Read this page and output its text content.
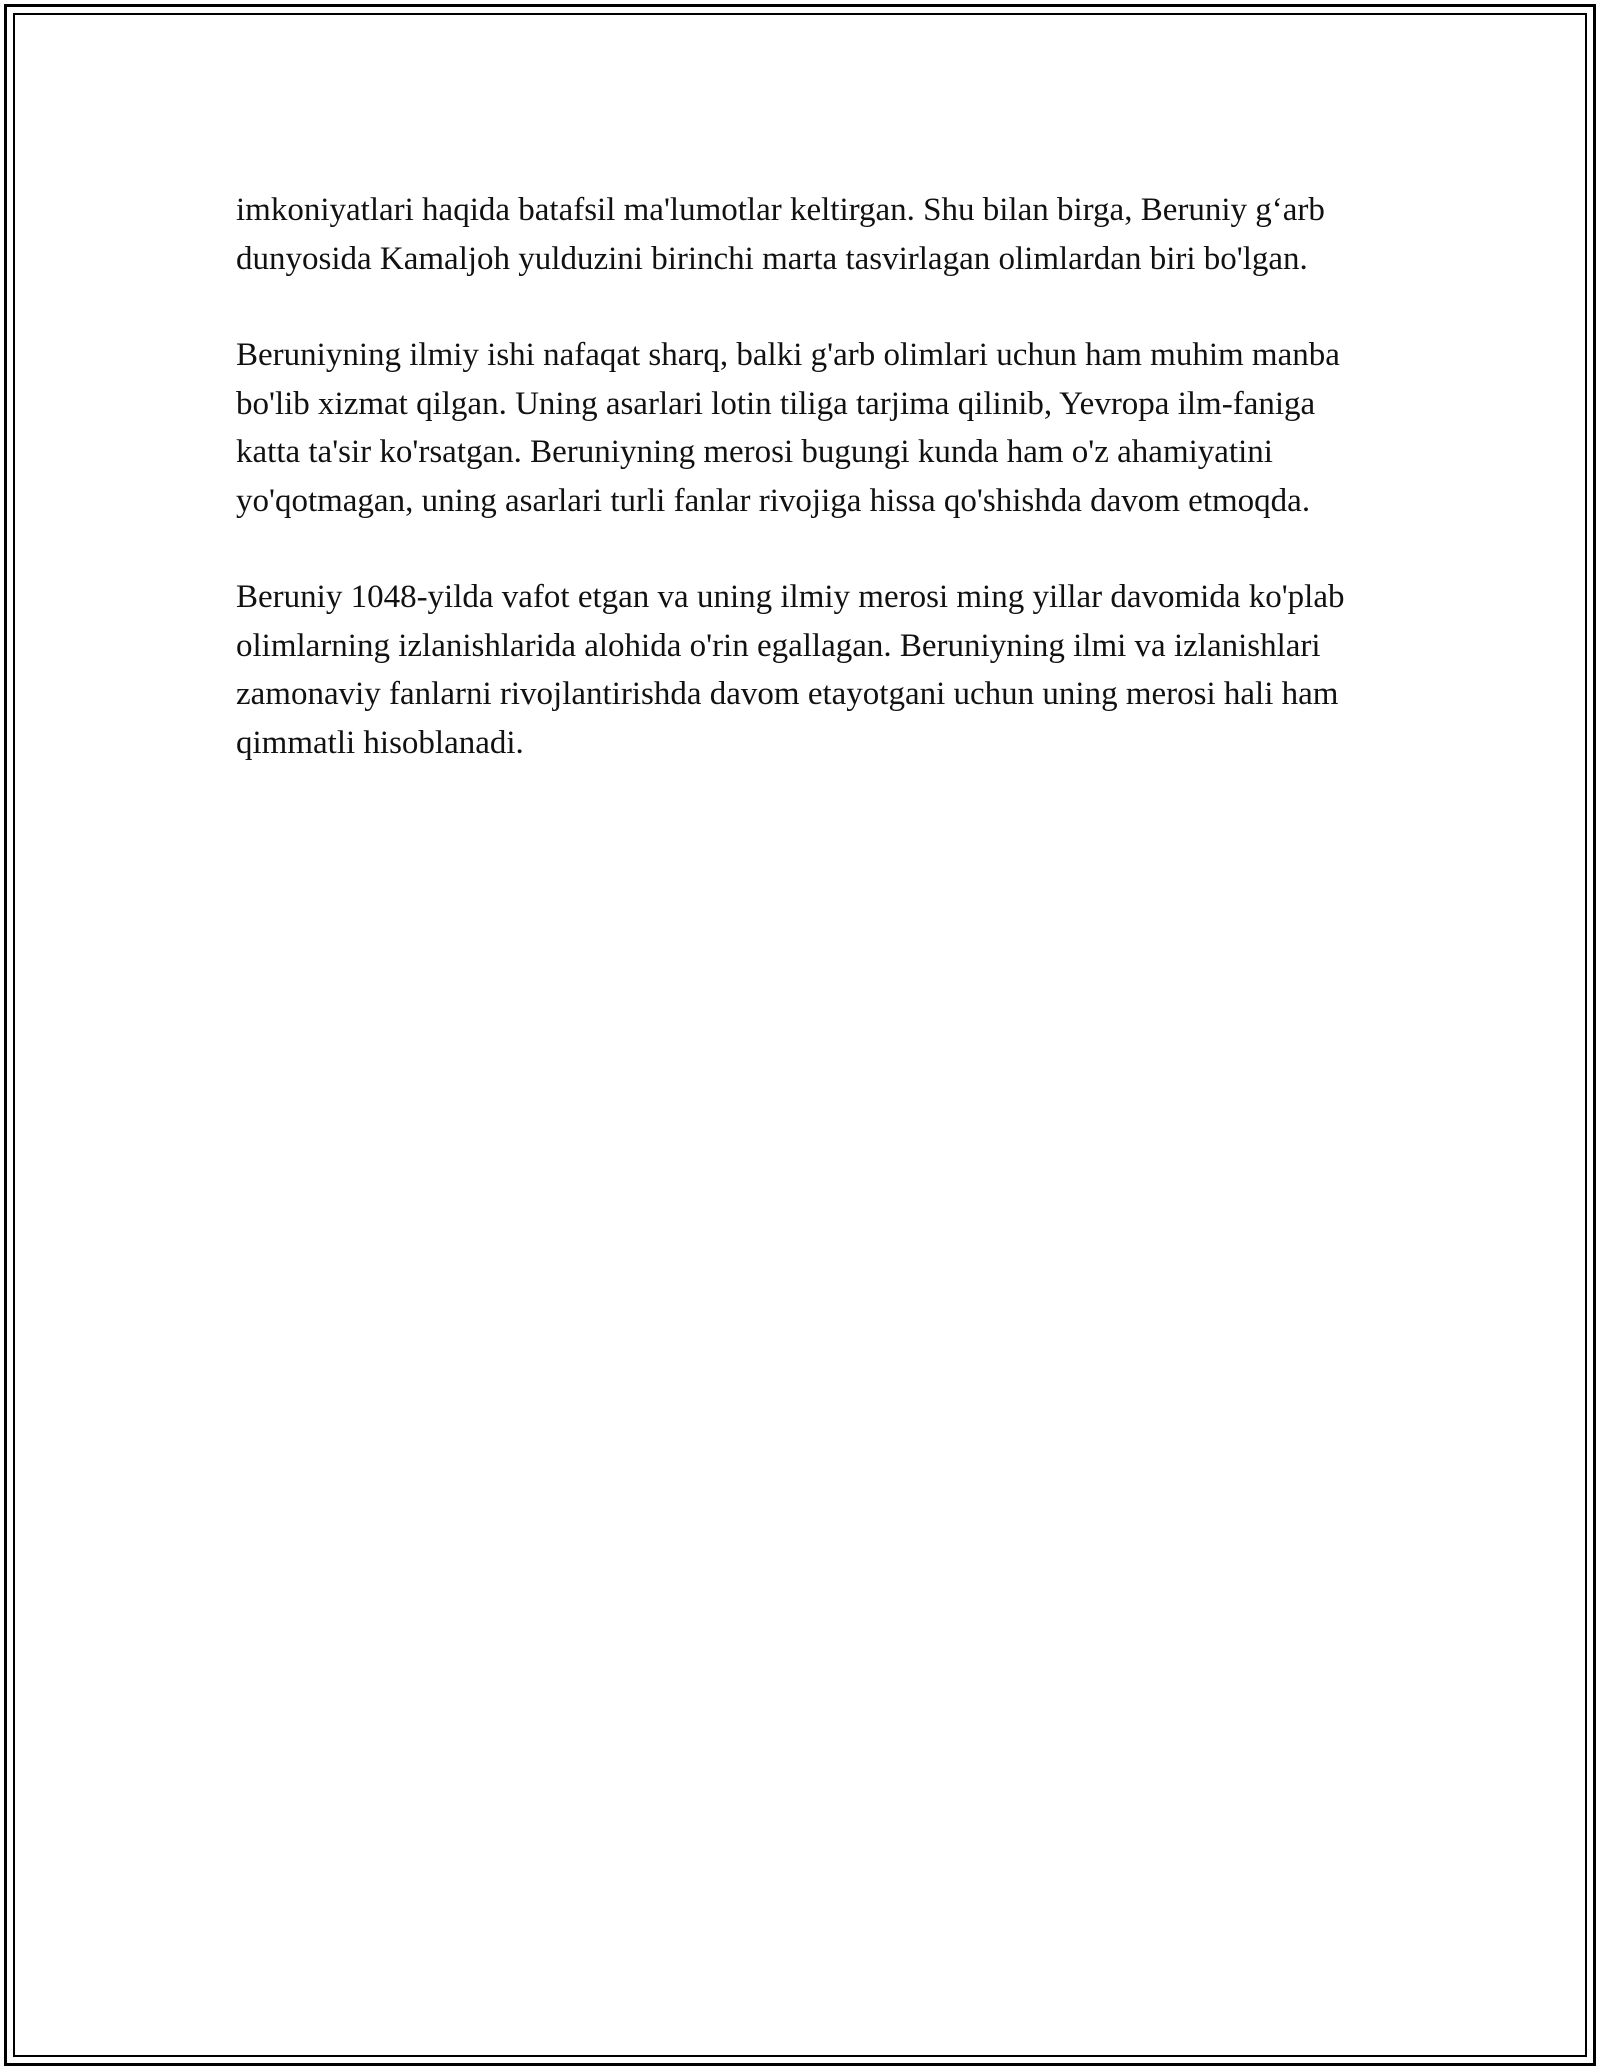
imkoniyatlari haqida batafsil ma'lumotlar keltirgan. Shu bilan birga, Beruniy g‘arb dunyosida Kamaljoh yulduzini birinchi marta tasvirlagan olimlardan biri bo'lgan.

Beruniyning ilmiy ishi nafaqat sharq, balki g'arb olimlari uchun ham muhim manba bo'lib xizmat qilgan. Uning asarlari lotin tiliga tarjima qilinib, Yevropa ilm-faniga katta ta'sir ko'rsatgan. Beruniyning merosi bugungi kunda ham o'z ahamiyatini yo'qotmagan, uning asarlari turli fanlar rivojiga hissa qo'shishda davom etmoqda.

Beruniy 1048-yilda vafot etgan va uning ilmiy merosi ming yillar davomida ko'plab olimlarning izlanishlarida alohida o'rin egallagan. Beruniyning ilmi va izlanishlari zamonaviy fanlarni rivojlantirishda davom etayotgani uchun uning merosi hali ham qimmatli hisoblanadi.
